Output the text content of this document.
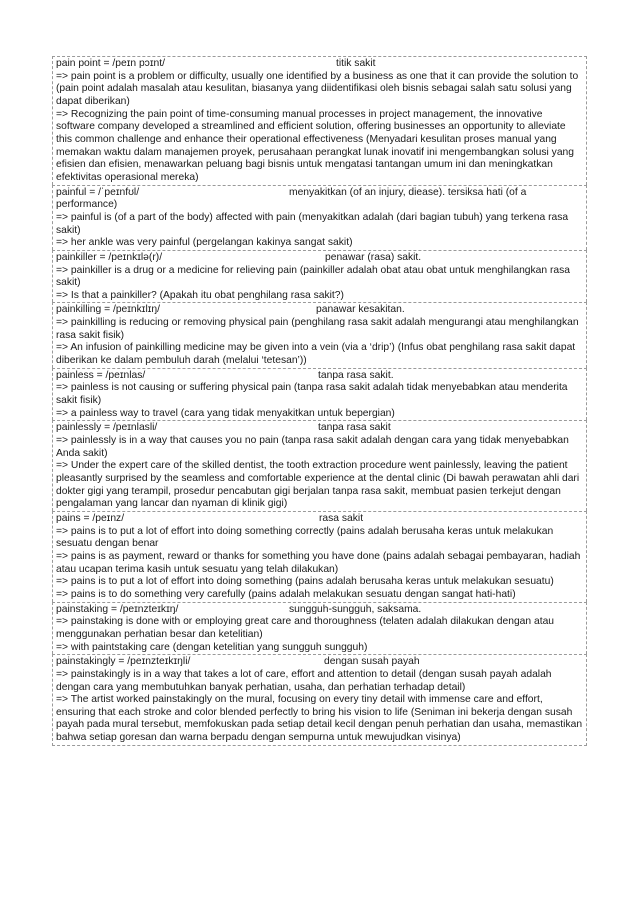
pain point = /peɪn pɔɪnt/	titik sakit
=> pain point is a problem or difficulty, usually one identified by a business as one that it can provide the solution to (pain point adalah masalah atau kesulitan, biasanya yang diidentifikasi oleh bisnis sebagai salah satu solusi yang dapat diberikan)
=> Recognizing the pain point of time-consuming manual processes in project management, the innovative software company developed a streamlined and efficient solution, offering businesses an opportunity to alleviate this common challenge and enhance their operational effectiveness (Menyadari kesulitan proses manual yang memakan waktu dalam manajemen proyek, perusahaan perangkat lunak inovatif ini mengembangkan solusi yang efisien dan efisien, menawarkan peluang bagi bisnis untuk mengatasi tantangan umum ini dan meningkatkan efektivitas operasional mereka)
painful = /ˈpeɪnfʊl/	menyakitkan (of an injury, diease). tersiksa hati (of a performance)
=> painful is (of a part of the body) affected with pain (menyakitkan adalah (dari bagian tubuh) yang terkena rasa sakit)
=> her ankle was very painful (pergelangan kakinya sangat sakit)
painkiller = /peɪnkɪlə(r)/	penawar (rasa) sakit.
=> painkiller is a drug or a medicine for relieving pain (painkiller adalah obat atau obat untuk menghilangkan rasa sakit)
=> Is that a painkiller? (Apakah itu obat penghilang rasa sakit?)
painkilling = /peɪnkɪlɪŋ/	panawar kesakitan.
=> painkilling is reducing or removing physical pain (penghilang rasa sakit adalah mengurangi atau menghilangkan rasa sakit fisik)
=> An infusion of painkilling medicine may be given into a vein (via a ‘drip’) (Infus obat penghilang rasa sakit dapat diberikan ke dalam pembuluh darah (melalui ‘tetesan’))
painless = /peɪnlas/	tanpa rasa sakit.
=> painless is not causing or suffering physical pain (tanpa rasa sakit adalah tidak menyebabkan atau menderita sakit fisik)
=> a painless way to travel (cara yang tidak menyakitkan untuk bepergian)
painlessly = /peɪnlasli/	tanpa rasa sakit
=> painlessly is in a way that causes you no pain (tanpa rasa sakit adalah dengan cara yang tidak menyebabkan Anda sakit)
=> Under the expert care of the skilled dentist, the tooth extraction procedure went painlessly, leaving the patient pleasantly surprised by the seamless and comfortable experience at the dental clinic (Di bawah perawatan ahli dari dokter gigi yang terampil, prosedur pencabutan gigi berjalan tanpa rasa sakit, membuat pasien terkejut dengan pengalaman yang lancar dan nyaman di klinik gigi)
pains = /peɪnz/	rasa sakit
=> pains is to put a lot of effort into doing something correctly (pains adalah berusaha keras untuk melakukan sesuatu dengan benar
=> pains is as payment, reward or thanks for something you have done (pains adalah sebagai pembayaran, hadiah atau ucapan terima kasih untuk sesuatu yang telah dilakukan)
=> pains is to put a lot of effort into doing something (pains adalah berusaha keras untuk melakukan sesuatu)
=> pains is to do something very carefully (pains adalah melakukan sesuatu dengan sangat hati-hati)
painstaking = /peɪnzteɪkɪŋ/	sungguh-sungguh, saksama.
=> painstaking is done with or employing great care and thoroughness (telaten adalah dilakukan dengan atau menggunakan perhatian besar dan ketelitian)
=> with paintstaking care (dengan ketelitian yang sungguh sungguh)
painstakingly = /peɪnzteɪkɪŋli/	dengan susah payah
=> painstakingly is in a way that takes a lot of care, effort and attention to detail (dengan susah payah adalah dengan cara yang membutuhkan banyak perhatian, usaha, dan perhatian terhadap detail)
=> The artist worked painstakingly on the mural, focusing on every tiny detail with immense care and effort, ensuring that each stroke and color blended perfectly to bring his vision to life (Seniman ini bekerja dengan susah payah pada mural tersebut, memfokuskan pada setiap detail kecil dengan penuh perhatian dan usaha, memastikan bahwa setiap goresan dan warna berpadu dengan sempurna untuk mewujudkan visinya)
